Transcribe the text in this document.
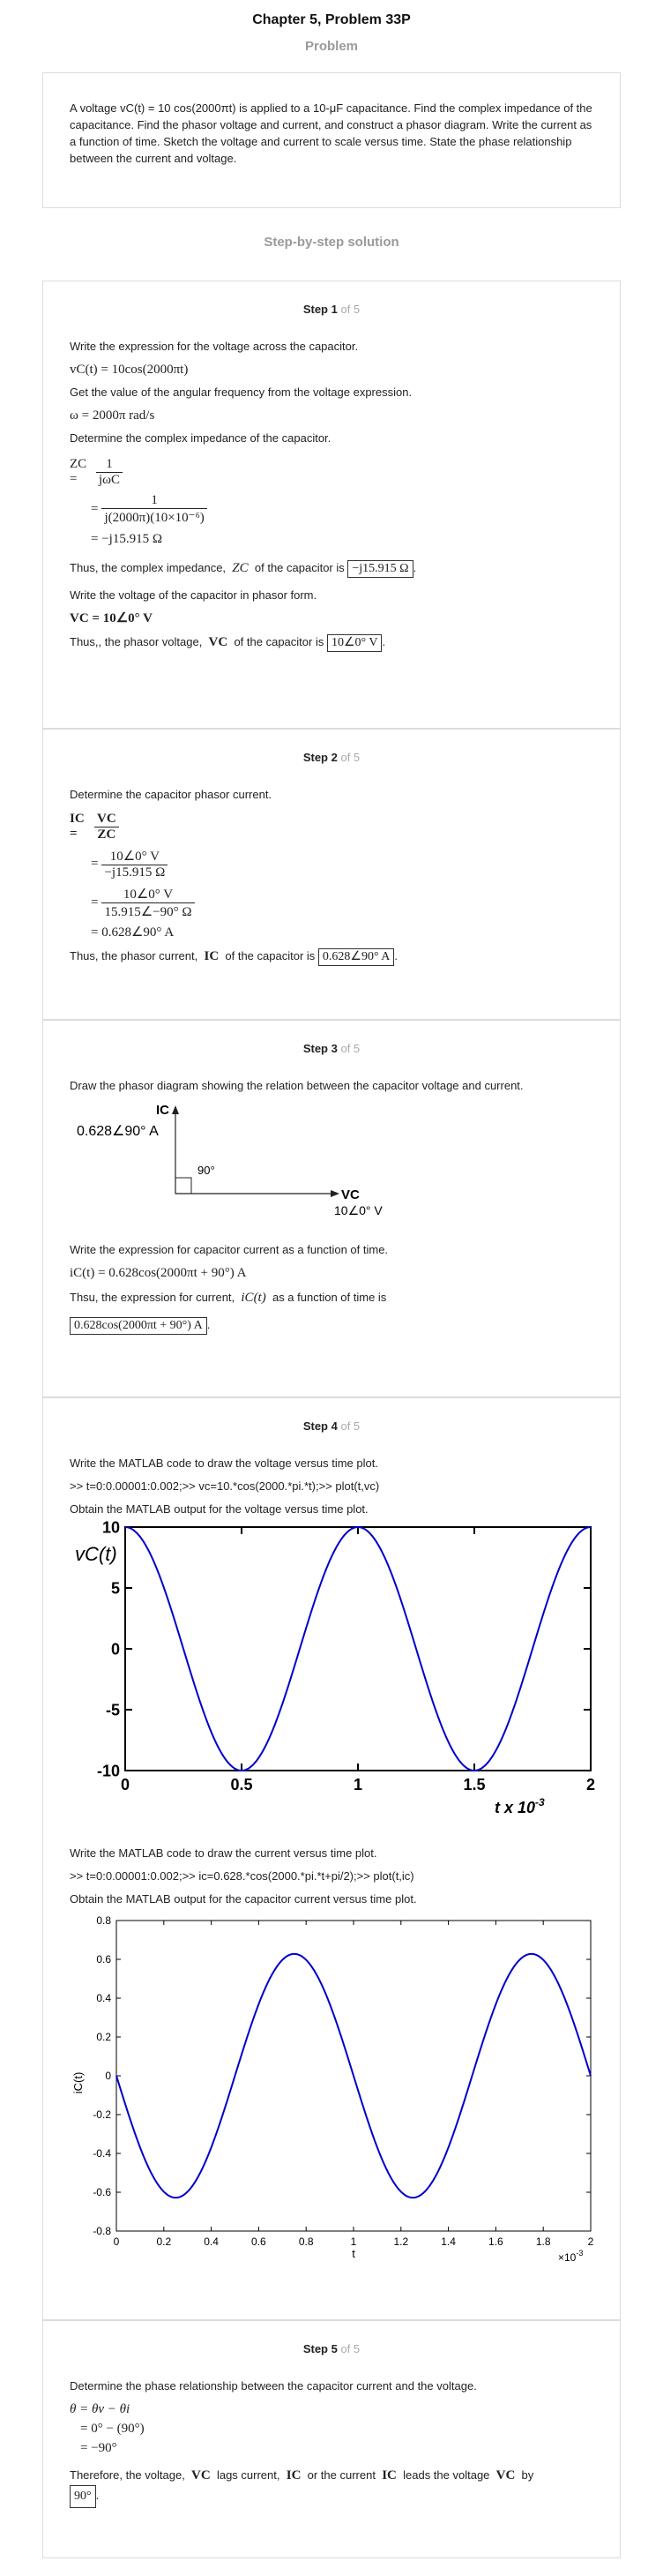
Chapter 5, Problem 33P
Problem
A voltage vC(t) = 10 cos(2000πt) is applied to a 10-μF capacitance. Find the complex impedance of the capacitance. Find the phasor voltage and current, and construct a phasor diagram. Write the current as a function of time. Sketch the voltage and current to scale versus time. State the phase relationship between the current and voltage.
Step-by-step solution
Step 1 of 5
Write the expression for the voltage across the capacitor.
vC(t) = 10cos(2000πt)
Get the value of the angular frequency from the voltage expression.
ω = 2000π rad/s
Determine the complex impedance of the capacitor.
ZC =	$\frac{1}{\text{jωC}}$
= $\frac{1}{\text{j(2000π)(10×10⁻⁶)}}$
= −j15.915 Ω
Thus, the complex impedance, ZC of the capacitor is −j15.915 Ω .
Write the voltage of the capacitor in phasor form.
VC = 10∠0° V
Thus,, the phasor voltage, VC of the capacitor is 10∠0° V .
Step 2 of 5
Determine the capacitor phasor current.
IC =	$\frac{VC}{ZC}$
= $\frac{10\angle 0^\circ V}{-j15.915 \Omega}$
= $\frac{10\angle 0^\circ V}{15.915\angle-90^\circ \Omega}$
= 0.628∠90° A
Thus, the phasor current, IC of the capacitor is 0.628∠90° A .
Step 3 of 5
Draw the phasor diagram showing the relation between the capacitor voltage and current.
IC
0.628∠90° A
90°
VC
10∠0° V
Write the expression for capacitor current as a function of time.
iC(t) = 0.628cos(2000πt + 90°) A
Thsu, the expression for current, iC(t) as a function of time is
0.628cos(2000πt + 90°) A .
Step 4 of 5
Write the MATLAB code to draw the voltage versus time plot.
>> t=0:0.00001:0.002;>> vc=10.*cos(2000.*pi.*t);>> plot(t,vc)
Obtain the MATLAB output for the voltage versus time plot.
0	0.5	1	1.5	2
10
5
0
-5
-10
vC(t)
t x $10^{-3}$
Write the MATLAB code to draw the current versus time plot.
>> t=0:0.00001:0.002;>> ic=0.628.*cos(2000.*pi.*t+pi/2);>> plot(t,ic)
Obtain the MATLAB output for the capacitor current versus time plot.
0	0.2	0.4	0.6	0.8	1	1.2	1.4	1.6	1.8	2
0.8
0.6
0.4
0.2
0
-0.2
-0.4
-0.6
-0.8
iC(t)
t	$\times 10^{-3}$
Step 5 of 5
Determine the phase relationship between the capacitor current and the voltage.
θ = θv − θi
= 0° − (90°)
= −90°
Therefore, the voltage, VC lags current, IC or the current IC leads the voltage VC by
90° .
